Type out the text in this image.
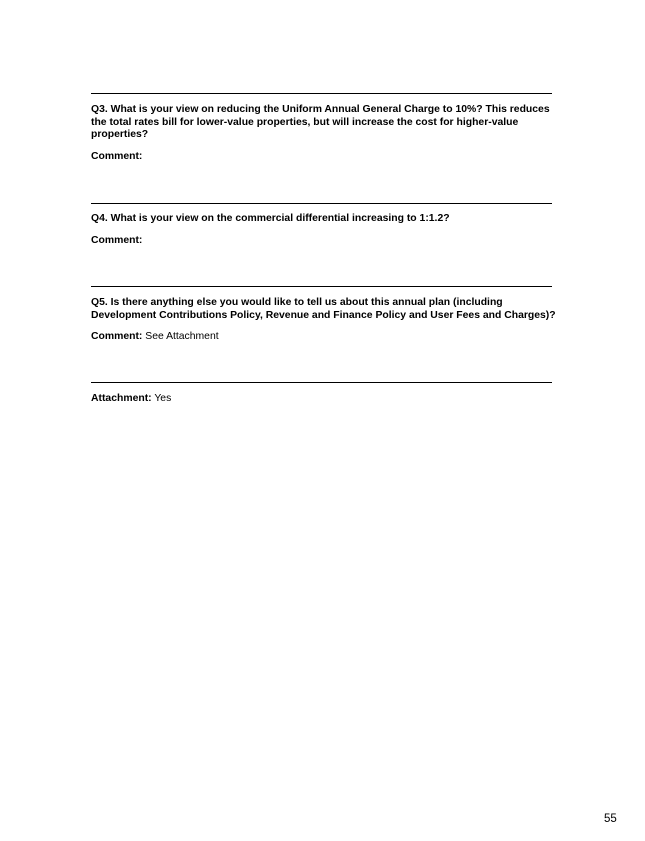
Q3. What is your view on reducing the Uniform Annual General Charge to 10%? This reduces the total rates bill for lower-value properties, but will increase the cost for higher-value properties?

Comment:

Q4. What is your view on the commercial differential increasing to 1:1.2?

Comment:

Q5. Is there anything else you would like to tell us about this annual plan (including Development Contributions Policy, Revenue and Finance Policy and User Fees and Charges)?

Comment: See Attachment

Attachment: Yes

55
